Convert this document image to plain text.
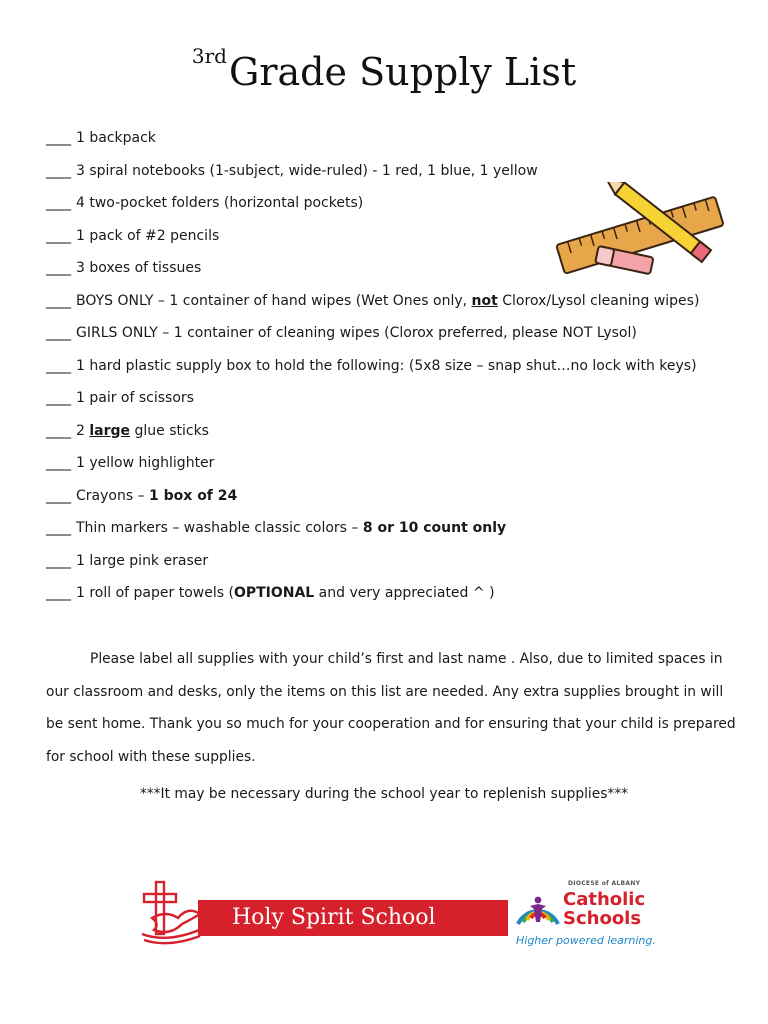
$^{3rd}$Grade Supply List
____ 1 backpack
____ 3 spiral notebooks (1-subject, wide-ruled) - 1 red, 1 blue, 1 yellow
____ 4 two-pocket folders (horizontal pockets)
____ 1 pack of #2 pencils
____ 3 boxes of tissues
____ BOYS ONLY – 1 container of hand wipes (Wet Ones only, not Clorox/Lysol cleaning wipes)
____ GIRLS ONLY – 1 container of cleaning wipes (Clorox preferred, please NOT Lysol)
____ 1 hard plastic supply box to hold the following: (5x8 size – snap shut…no lock with keys)
____ 1 pair of scissors
____ 2 large glue sticks
____ 1 yellow highlighter
____ Crayons – 1 box of 24
____ Thin markers – washable classic colors – 8 or 10 count only
____ 1 large pink eraser
____ 1 roll of paper towels (OPTIONAL and very appreciated ^ )
Please label all supplies with your child’s first and last name . Also, due to limited spaces in our classroom and desks, only the items on this list are needed. Any extra supplies brought in will be sent home. Thank you so much for your cooperation and for ensuring that your child is prepared for school with these supplies.
***It may be necessary during the school year to replenish supplies***
Holy Spirit School
DIOCESE of ALBANY
Catholic
Schools
Higher powered learning.
